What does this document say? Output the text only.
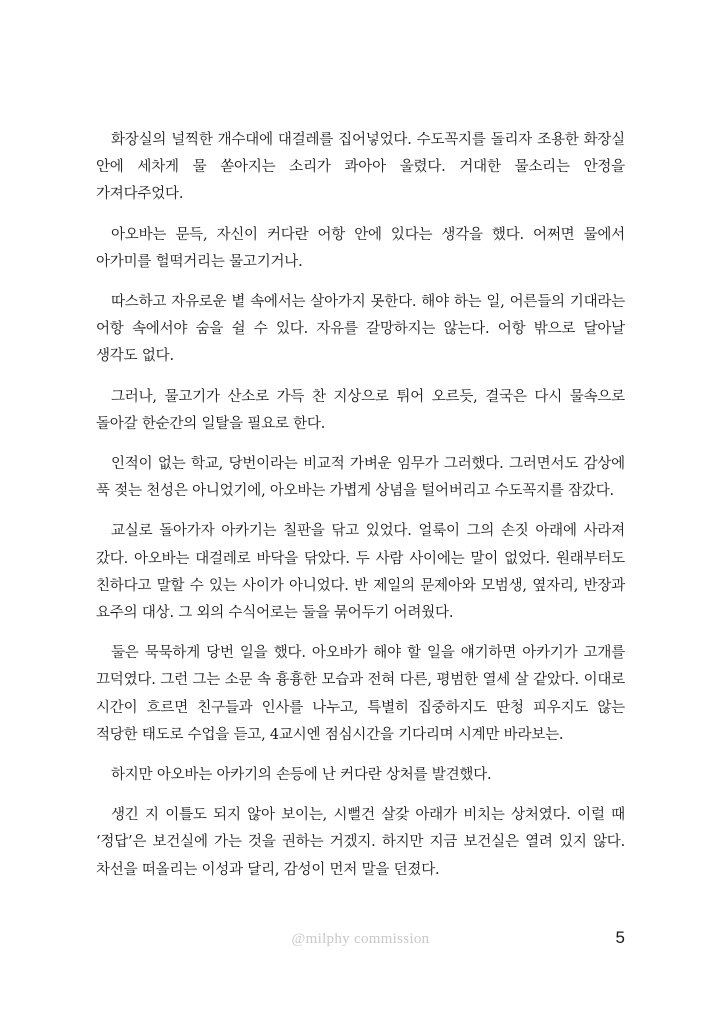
화장실의 널찍한 개수대에 대걸레를 집어넣었다. 수도꼭지를 돌리자 조용한 화장실 안에 세차게 물 쏟아지는 소리가 콰아아 울렸다. 거대한 물소리는 안정을 가져다주었다.

아오바는 문득, 자신이 커다란 어항 안에 있다는 생각을 했다. 어쩌면 물에서 아가미를 헐떡거리는 물고기거나.

따스하고 자유로운 볕 속에서는 살아가지 못한다. 해야 하는 일, 어른들의 기대라는 어항 속에서야 숨을 쉴 수 있다. 자유를 갈망하지는 않는다. 어항 밖으로 달아날 생각도 없다.

그러나, 물고기가 산소로 가득 찬 지상으로 튀어 오르듯, 결국은 다시 물속으로 돌아갈 한순간의 일탈을 필요로 한다.

인적이 없는 학교, 당번이라는 비교적 가벼운 임무가 그러했다. 그러면서도 감상에 푹 젖는 천성은 아니었기에, 아오바는 가볍게 상념을 털어버리고 수도꼭지를 잠갔다.

교실로 돌아가자 아카기는 칠판을 닦고 있었다. 얼룩이 그의 손짓 아래에 사라져 갔다. 아오바는 대걸레로 바닥을 닦았다. 두 사람 사이에는 말이 없었다. 원래부터도 친하다고 말할 수 있는 사이가 아니었다. 반 제일의 문제아와 모범생, 옆자리, 반장과 요주의 대상. 그 외의 수식어로는 둘을 묶어두기 어려웠다.

둘은 묵묵하게 당번 일을 했다. 아오바가 해야 할 일을 얘기하면 아카기가 고개를 끄덕였다. 그런 그는 소문 속 흉흉한 모습과 전혀 다른, 평범한 열세 살 같았다. 이대로 시간이 흐르면 친구들과 인사를 나누고, 특별히 집중하지도 딴청 피우지도 않는 적당한 태도로 수업을 듣고, 4교시엔 점심시간을 기다리며 시계만 바라보는.

하지만 아오바는 아카기의 손등에 난 커다란 상처를 발견했다.

생긴 지 이틀도 되지 않아 보이는, 시뻘건 살갗 아래가 비치는 상처였다. 이럴 때 ‘정답’은 보건실에 가는 것을 권하는 거겠지. 하지만 지금 보건실은 열려 있지 않다. 차선을 떠올리는 이성과 달리, 감성이 먼저 말을 던졌다.

@milphy commission	5
